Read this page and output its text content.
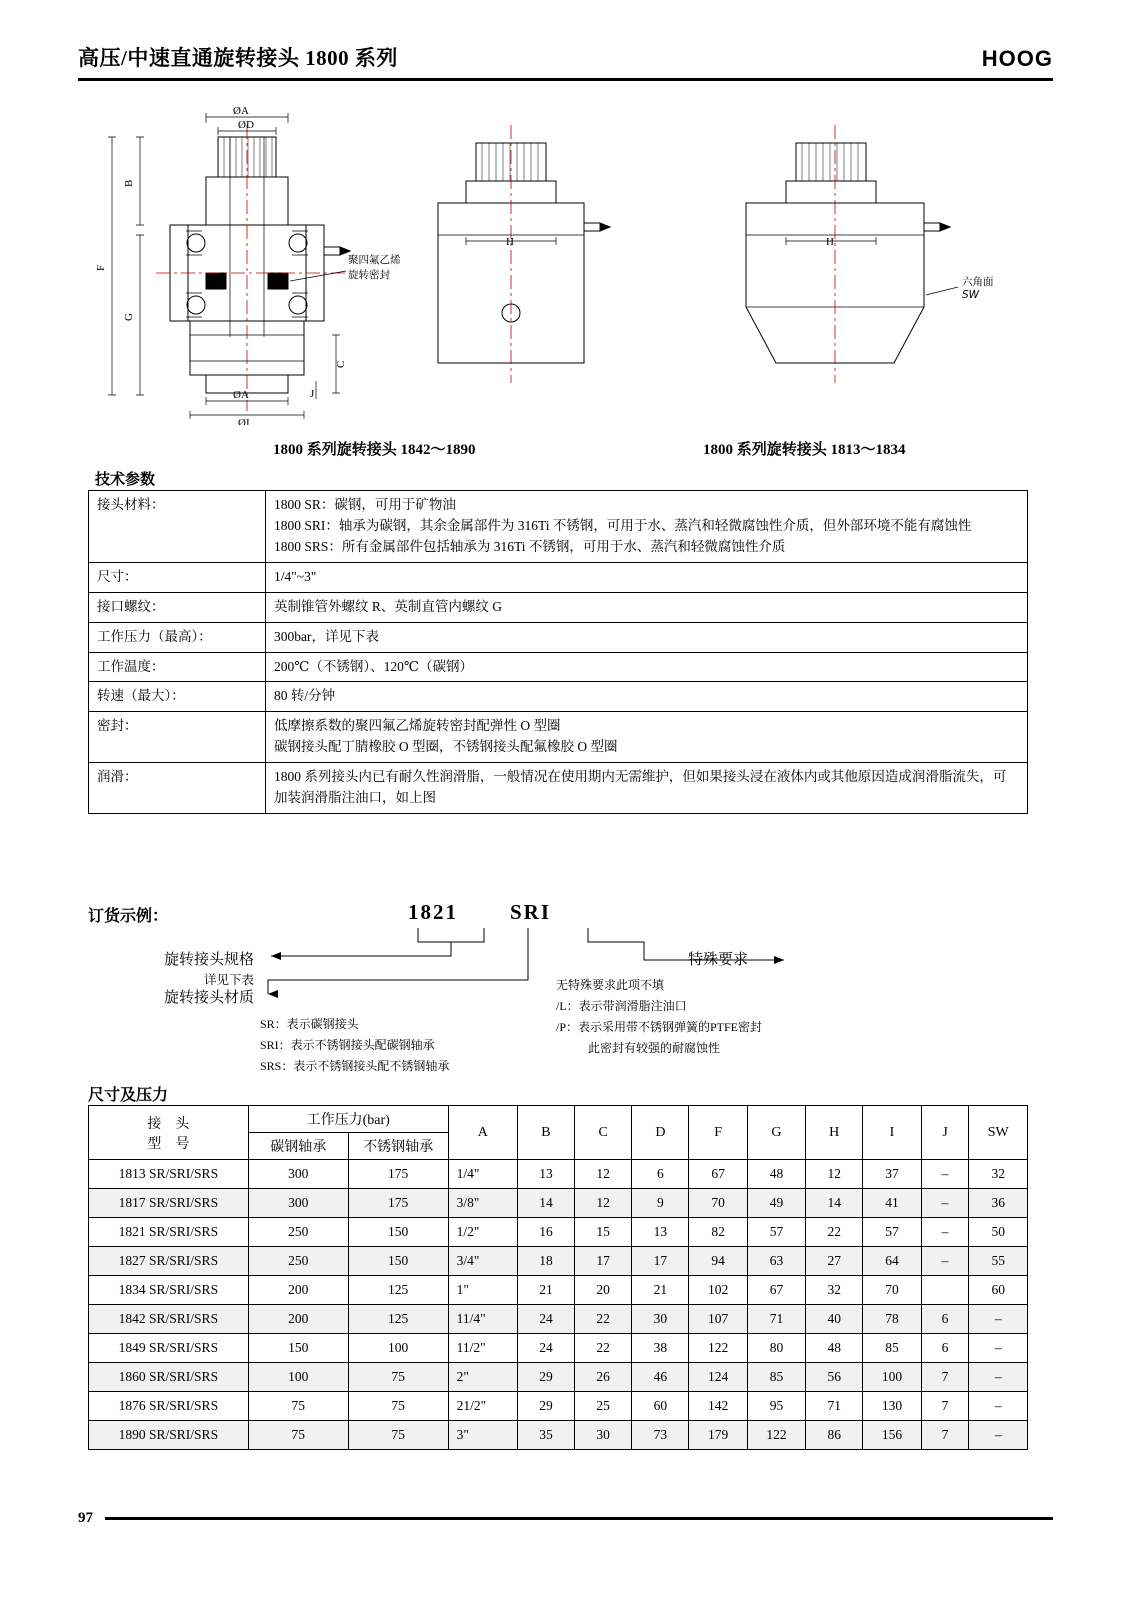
高压/中速直通旋转接头 1800 系列	HOOG
ØA
ØD
B
F
G
C
J
ØA
ØI
H	H
聚四氟乙烯
旋转密封
六角面
SW
1800 系列旋转接头 1842～1890	1800 系列旋转接头 1813～1834
技术参数
接头材料：	1800 SR：碳钢，可用于矿物油

1800 SRI：轴承为碳钢，其余金属部件为 316Ti 不锈钢，可用于水、蒸汽和轻微腐蚀性介质，但外部环境不能有腐蚀性

1800 SRS：所有金属部件包括轴承为 316Ti 不锈钢，可用于水、蒸汽和轻微腐蚀性介质

尺寸：	1/4"~3"

接口螺纹：	英制锥管外螺纹 R、英制直管内螺纹 G

工作压力（最高）：	300bar，详见下表

工作温度：	200℃（不锈钢）、120℃（碳钢）

转速（最大）：	80 转/分钟

密封：	低摩擦系数的聚四氟乙烯旋转密封配弹性 O 型圈

碳钢接头配丁腈橡胶 O 型圈，不锈钢接头配氟橡胶 O 型圈

润滑：	1800 系列接头内已有耐久性润滑脂，一般情况在使用期内无需维护，但如果接头浸在液体内或其他原因造成润滑脂流失，可加装润滑脂注油口，如上图

订货示例：	1821 SRI
旋转接头规格
详见下表
旋转接头材质
SR：表示碳钢接头
SRI：表示不锈钢接头配碳钢轴承
SRS：表示不锈钢接头配不锈钢轴承
特殊要求
无特殊要求此项不填
/L：表示带润滑脂注油口
/P：表示采用带不锈钢弹簧的PTFE密封
此密封有较强的耐腐蚀性
尺寸及压力
接　头
型　号	工作压力(bar)		A	B	C	D	F	G	H	I	J	SW
	碳钢轴承	不锈钢轴承										
1813 SR/SRI/SRS	300	175	1/4"	13	12	6	67	48	12	37	–	32
1817 SR/SRI/SRS	300	175	3/8"	14	12	9	70	49	14	41	–	36
1821 SR/SRI/SRS	250	150	1/2"	16	15	13	82	57	22	57	–	50
1827 SR/SRI/SRS	250	150	3/4"	18	17	17	94	63	27	64	–	55
1834 SR/SRI/SRS	200	125	1"	21	20	21	102	67	32	70		60
1842 SR/SRI/SRS	200	125	11/4"	24	22	30	107	71	40	78	6	–
1849 SR/SRI/SRS	150	100	11/2"	24	22	38	122	80	48	85	6	–
1860 SR/SRI/SRS	100	75	2"	29	26	46	124	85	56	100	7	–
1876 SR/SRI/SRS	75	75	21/2"	29	25	60	142	95	71	130	7	–
1890 SR/SRI/SRS	75	75	3"	35	30	73	179	122	86	156	7	–
97
